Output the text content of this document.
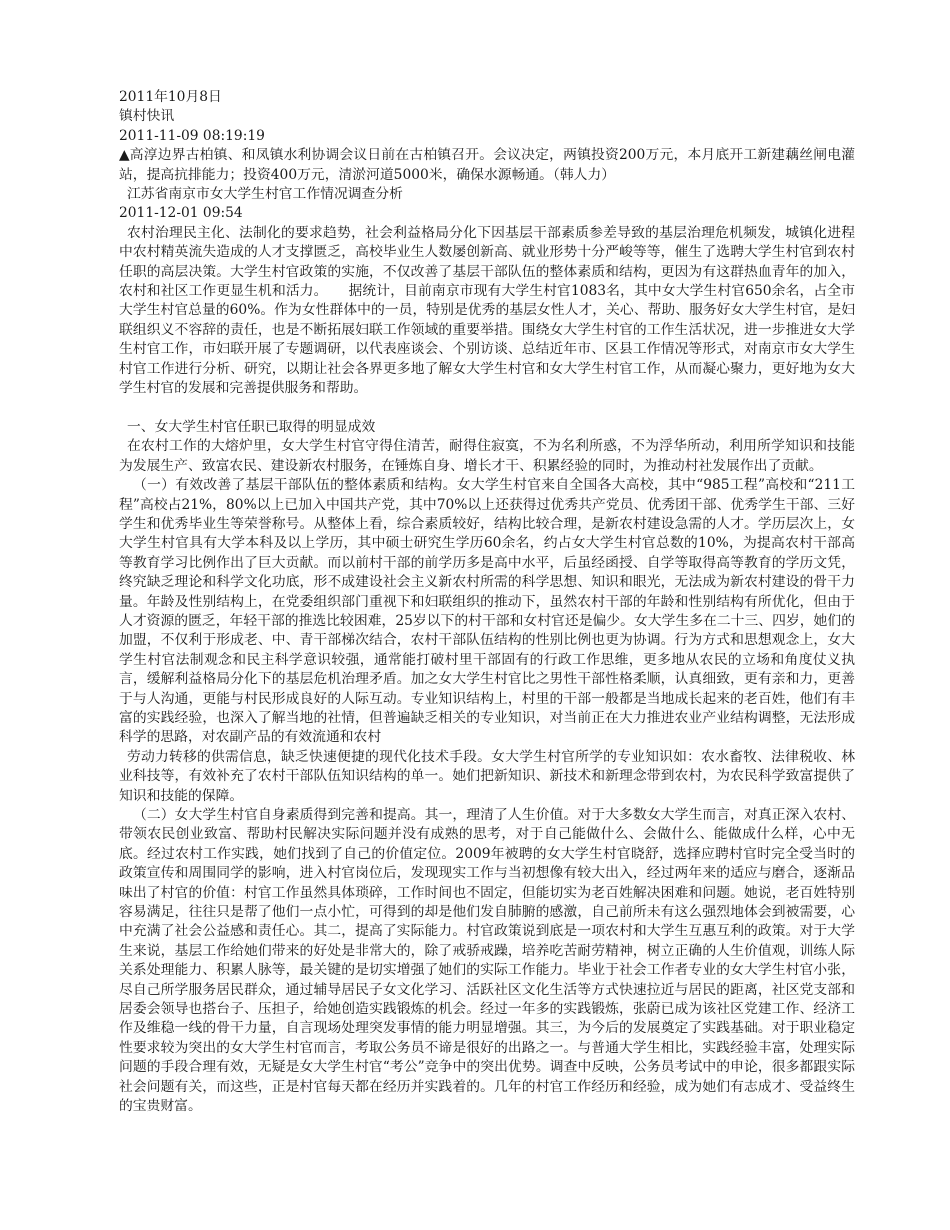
2011年10月8日

镇村快讯

2011-11-09 08:19:19

▲高淳边界古柏镇、和凤镇水利协调会议日前在古柏镇召开。会议决定，两镇投资200万元，本月底开工新建藕丝闸电灌站，提高抗排能力；投资400万元，清淤河道5000米，确保水源畅通。（韩人力）

江苏省南京市女大学生村官工作情况调查分析

2011-12-01 09:54

农村治理民主化、法制化的要求趋势，社会利益格局分化下因基层干部素质参差导致的基层治理危机频发，城镇化进程中农村精英流失造成的人才支撑匮乏，高校毕业生人数屡创新高、就业形势十分严峻等等，催生了选聘大学生村官到农村任职的高层决策。大学生村官政策的实施，不仅改善了基层干部队伍的整体素质和结构，更因为有这群热血青年的加入，农村和社区工作更显生机和活力。　　据统计，目前南京市现有大学生村官1083名，其中女大学生村官650余名，占全市大学生村官总量的60%。作为女性群体中的一员，特别是优秀的基层女性人才，关心、帮助、服务好女大学生村官，是妇联组织义不容辞的责任，也是不断拓展妇联工作领域的重要举措。围绕女大学生村官的工作生活状况，进一步推进女大学生村官工作，市妇联开展了专题调研，以代表座谈会、个别访谈、总结近年市、区县工作情况等形式，对南京市女大学生村官工作进行分析、研究，以期让社会各界更多地了解女大学生村官和女大学生村官工作，从而凝心聚力，更好地为女大学生村官的发展和完善提供服务和帮助。

一、女大学生村官任职已取得的明显成效

在农村工作的大熔炉里，女大学生村官守得住清苦，耐得住寂寞，不为名利所惑，不为浮华所动，利用所学知识和技能为发展生产、致富农民、建设新农村服务，在锤炼自身、增长才干、积累经验的同时，为推动村社发展作出了贡献。

（一）有效改善了基层干部队伍的整体素质和结构。女大学生村官来自全国各大高校，其中“985工程”高校和“211工程”高校占21%，80%以上已加入中国共产党，其中70%以上还获得过优秀共产党员、优秀团干部、优秀学生干部、三好学生和优秀毕业生等荣誉称号。从整体上看，综合素质较好，结构比较合理，是新农村建设急需的人才。学历层次上，女大学生村官具有大学本科及以上学历，其中硕士研究生学历60余名，约占女大学生村官总数的10%，为提高农村干部高等教育学习比例作出了巨大贡献。而以前村干部的前学历多是高中水平，后虽经函授、自学等取得高等教育的学历文凭，终究缺乏理论和科学文化功底，形不成建设社会主义新农村所需的科学思想、知识和眼光，无法成为新农村建设的骨干力量。年龄及性别结构上，在党委组织部门重视下和妇联组织的推动下，虽然农村干部的年龄和性别结构有所优化，但由于人才资源的匮乏，年轻干部的推选比较困难，25岁以下的村干部和女村官还是偏少。女大学生多在二十三、四岁，她们的加盟，不仅利于形成老、中、青干部梯次结合，农村干部队伍结构的性别比例也更为协调。行为方式和思想观念上，女大学生村官法制观念和民主科学意识较强，通常能打破村里干部固有的行政工作思维，更多地从农民的立场和角度仗义执言，缓解利益格局分化下的基层危机治理矛盾。加之女大学生村官比之男性干部性格柔顺，认真细致，更有亲和力，更善于与人沟通，更能与村民形成良好的人际互动。专业知识结构上，村里的干部一般都是当地成长起来的老百姓，他们有丰富的实践经验，也深入了解当地的社情，但普遍缺乏相关的专业知识，对当前正在大力推进农业产业结构调整，无法形成科学的思路，对农副产品的有效流通和农村

劳动力转移的供需信息，缺乏快速便捷的现代化技术手段。女大学生村官所学的专业知识如：农水畜牧、法律税收、林业科技等，有效补充了农村干部队伍知识结构的单一。她们把新知识、新技术和新理念带到农村，为农民科学致富提供了知识和技能的保障。

（二）女大学生村官自身素质得到完善和提高。其一，理清了人生价值。对于大多数女大学生而言，对真正深入农村、带领农民创业致富、帮助村民解决实际问题并没有成熟的思考，对于自己能做什么、会做什么、能做成什么样，心中无底。经过农村工作实践，她们找到了自己的价值定位。2009年被聘的女大学生村官晓舒，选择应聘村官时完全受当时的政策宣传和周围同学的影响，进入村官岗位后，发现现实工作与当初想像有较大出入，经过两年来的适应与磨合，逐渐品味出了村官的价值：村官工作虽然具体琐碎，工作时间也不固定，但能切实为老百姓解决困难和问题。她说，老百姓特别容易满足，往往只是帮了他们一点小忙，可得到的却是他们发自肺腑的感激，自己前所未有这么强烈地体会到被需要，心中充满了社会公益感和责任心。其二，提高了实际能力。村官政策说到底是一项农村和大学生互惠互利的政策。对于大学生来说，基层工作给她们带来的好处是非常大的，除了戒骄戒躁，培养吃苦耐劳精神，树立正确的人生价值观，训练人际关系处理能力、积累人脉等，最关键的是切实增强了她们的实际工作能力。毕业于社会工作者专业的女大学生村官小张，尽自己所学服务居民群众，通过辅导居民子女文化学习、活跃社区文化生活等方式快速拉近与居民的距离，社区党支部和居委会领导也搭台子、压担子，给她创造实践锻炼的机会。经过一年多的实践锻炼，张蔚已成为该社区党建工作、经济工作及维稳一线的骨干力量，自言现场处理突发事情的能力明显增强。其三，为今后的发展奠定了实践基础。对于职业稳定性要求较为突出的女大学生村官而言，考取公务员不谛是很好的出路之一。与普通大学生相比，实践经验丰富，处理实际问题的手段合理有效，无疑是女大学生村官“考公”竞争中的突出优势。调查中反映，公务员考试中的申论，很多都跟实际社会问题有关，而这些，正是村官每天都在经历并实践着的。几年的村官工作经历和经验，成为她们有志成才、受益终生的宝贵财富。
